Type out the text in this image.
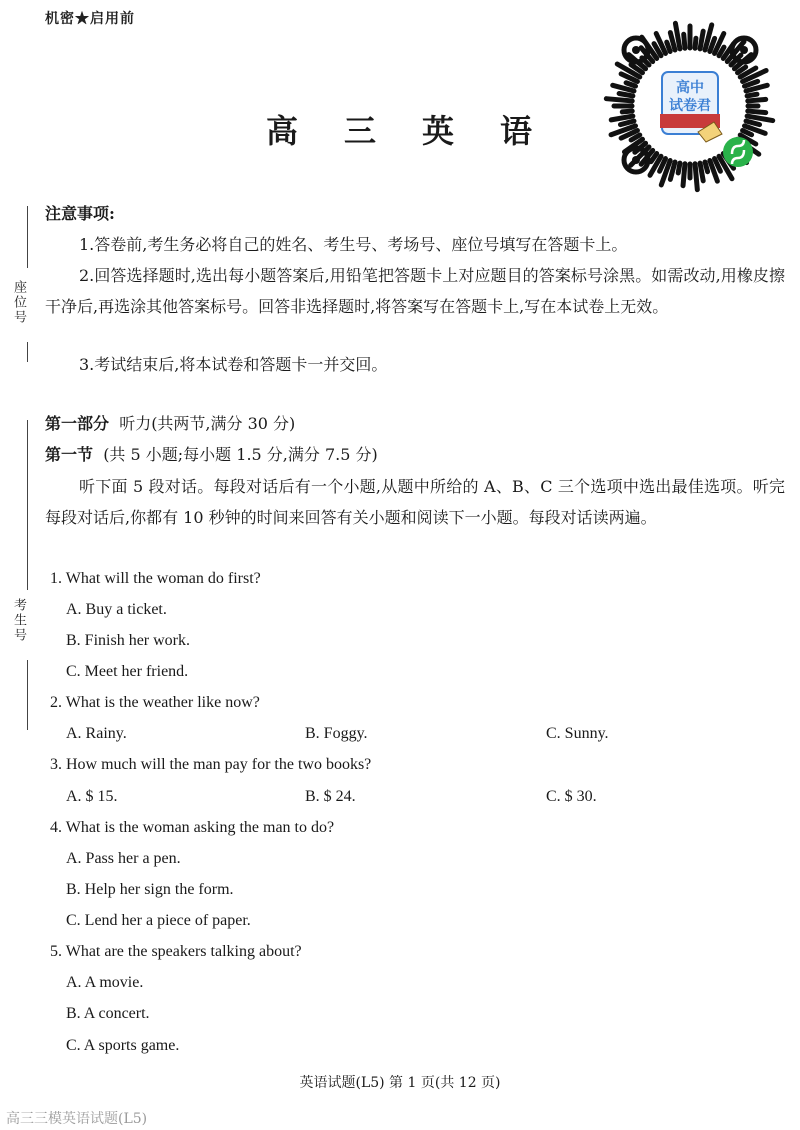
机密★启用前
高 三 英 语
高中
试卷君
座位号
考生号
注意事项:
1.答卷前,考生务必将自己的姓名、考生号、考场号、座位号填写在答题卡上。
2.回答选择题时,选出每小题答案后,用铅笔把答题卡上对应题目的答案标号涂黑。如需改动,用橡皮擦干净后,再选涂其他答案标号。回答非选择题时,将答案写在答题卡上,写在本试卷上无效。
3.考试结束后,将本试卷和答题卡一并交回。
第一部分 听力(共两节,满分 30 分)
第一节 (共 5 小题;每小题 1.5 分,满分 7.5 分)
听下面 5 段对话。每段对话后有一个小题,从题中所给的 A、B、C 三个选项中选出最佳选项。听完每段对话后,你都有 10 秒钟的时间来回答有关小题和阅读下一小题。每段对话读两遍。
1. What will the woman do first?
A. Buy a ticket.
B. Finish her work.
C. Meet her friend.
2. What is the weather like now?
A. Rainy.	B. Foggy.	C. Sunny.
3. How much will the man pay for the two books?
A. $ 15.	B. $ 24.	C. $ 30.
4. What is the woman asking the man to do?
A. Pass her a pen.
B. Help her sign the form.
C. Lend her a piece of paper.
5. What are the speakers talking about?
A. A movie.
B. A concert.
C. A sports game.
英语试题(L5) 第 1 页(共 12 页)
高三三模英语试题(L5)
